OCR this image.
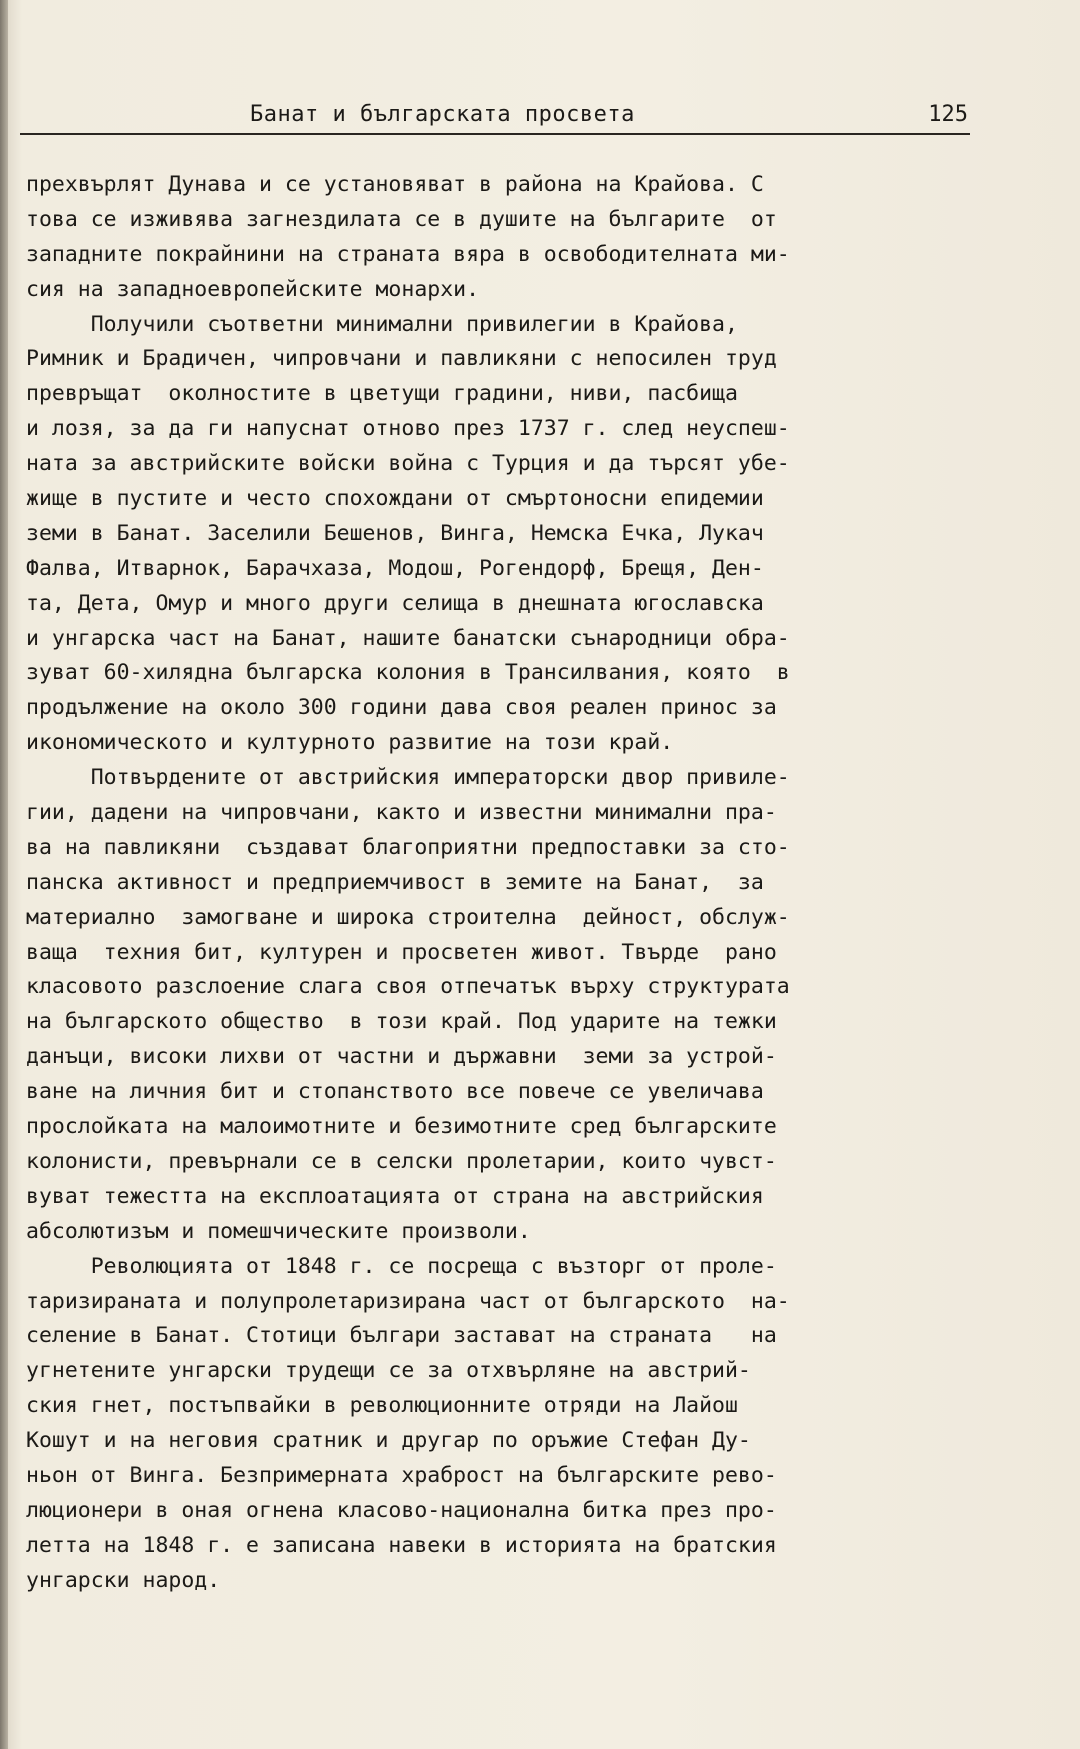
Банат и българската просвета	125
прехвърлят Дунава и се установяват в района на Крайова. С
това се изживява загнездилата се в душите на българите  от
западните покрайнини на страната вяра в освободителната ми-
сия на западноевропейските монархи.
Получили съответни минимални привилегии в Крайова,
Римник и Брадичен, чипровчани и павликяни с непосилен труд
превръщат  околностите в цветущи градини, ниви, пасбища
и лозя, за да ги напуснат отново през 1737 г. след неуспеш-
ната за австрийските войски война с Турция и да търсят убе-
жище в пустите и често спохождани от смъртоносни епидемии
земи в Банат. Заселили Бешенов, Винга, Немска Ечка, Лукач
Фалва, Итварнок, Барачхаза, Модош, Рогендорф, Брещя, Ден-
та, Дета, Омур и много други селища в днешната югославска
и унгарска част на Банат, нашите банатски сънародници обра-
зуват 60-хилядна българска колония в Трансилвания, която  в
продължение на около 300 години дава своя реален принос за
икономическото и културното развитие на този край.
Потвърдените от австрийския императорски двор привиле-
гии, дадени на чипровчани, както и известни минимални пра-
ва на павликяни  създават благоприятни предпоставки за сто-
панска активност и предприемчивост в земите на Банат,  за
материално  замогване и широка строителна  дейност, обслуж-
ваща  техния бит, културен и просветен живот. Твърде  рано
класовото разслоение слага своя отпечатък върху структурата
на българското общество  в този край. Под ударите на тежки
данъци, високи лихви от частни и държавни  земи за устрой-
ване на личния бит и стопанството все повече се увеличава
прослойката на малоимотните и безимотните сред българските
колонисти, превърнали се в селски пролетарии, които чувст-
вуват тежестта на експлоатацията от страна на австрийския
абсолютизъм и помешчическите произволи.
Революцията от 1848 г. се посреща с възторг от проле-
таризираната и полупролетаризирана част от българското  на-
селение в Банат. Стотици българи застават на страната   на
угнетените унгарски трудещи се за отхвърляне на австрий-
ския гнет, постъпвайки в революционните отряди на Лайош
Кошут и на неговия сратник и другар по оръжие Стефан Ду-
ньон от Винга. Безпримерната храброст на българските рево-
люционери в оная огнена класово-национална битка през про-
летта на 1848 г. е записана навеки в историята на братския
унгарски народ.
